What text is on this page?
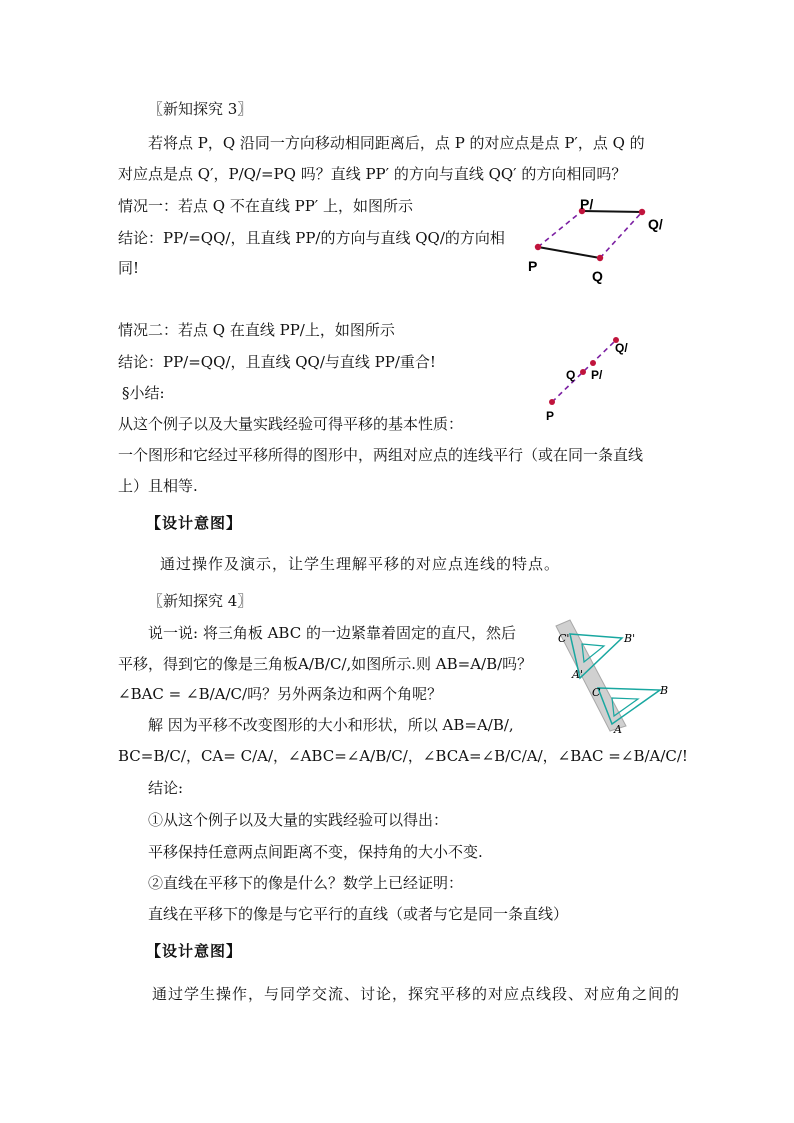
〖新知探究 3〗
若将点 P，Q 沿同一方向移动相同距离后，点 P 的对应点是点 P′，点 Q 的
对应点是点 Q′，P/Q/=PQ 吗？直线 PP′ 的方向与直线 QQ′ 的方向相同吗？
情况一：若点 Q 不在直线 PP′ 上，如图所示
结论：PP/=QQ/，且直线 PP/的方向与直线 QQ/的方向相
同!	P
Q
P/
Q/
情况二：若点 Q 在直线 PP/上，如图所示
结论：PP/=QQ/，且直线 QQ/与直线 PP/重合!
P
Q P/
Q/
§小结:
从这个例子以及大量实践经验可得平移的基本性质：
一个图形和它经过平移所得的图形中，两组对应点的连线平行（或在同一条直线
上）且相等.
【设计意图】
通过操作及演示，让学生理解平移的对应点连线的特点。
〖新知探究 4〗
说一说: 将三角板 ABC 的一边紧靠着固定的直尺，然后
平移，得到它的像是三角板A/B/C/,如图所示.则 AB=A/B/吗？
∠BAC = ∠B/A/C/吗？另外两条边和两个角呢？
C'	B'
A'
C	B
A
解 因为平移不改变图形的大小和形状，所以 AB=A/B/,
BC=B/C/，CA= C/A/，∠ABC=∠A/B/C/，∠BCA=∠B/C/A/，∠BAC =∠B/A/C/!
结论:
①从这个例子以及大量的实践经验可以得出：
平移保持任意两点间距离不变，保持角的大小不变.
②直线在平移下的像是什么？数学上已经证明：
直线在平移下的像是与它平行的直线（或者与它是同一条直线）
【设计意图】
通过学生操作，与同学交流、讨论，探究平移的对应点线段、对应角之间的
